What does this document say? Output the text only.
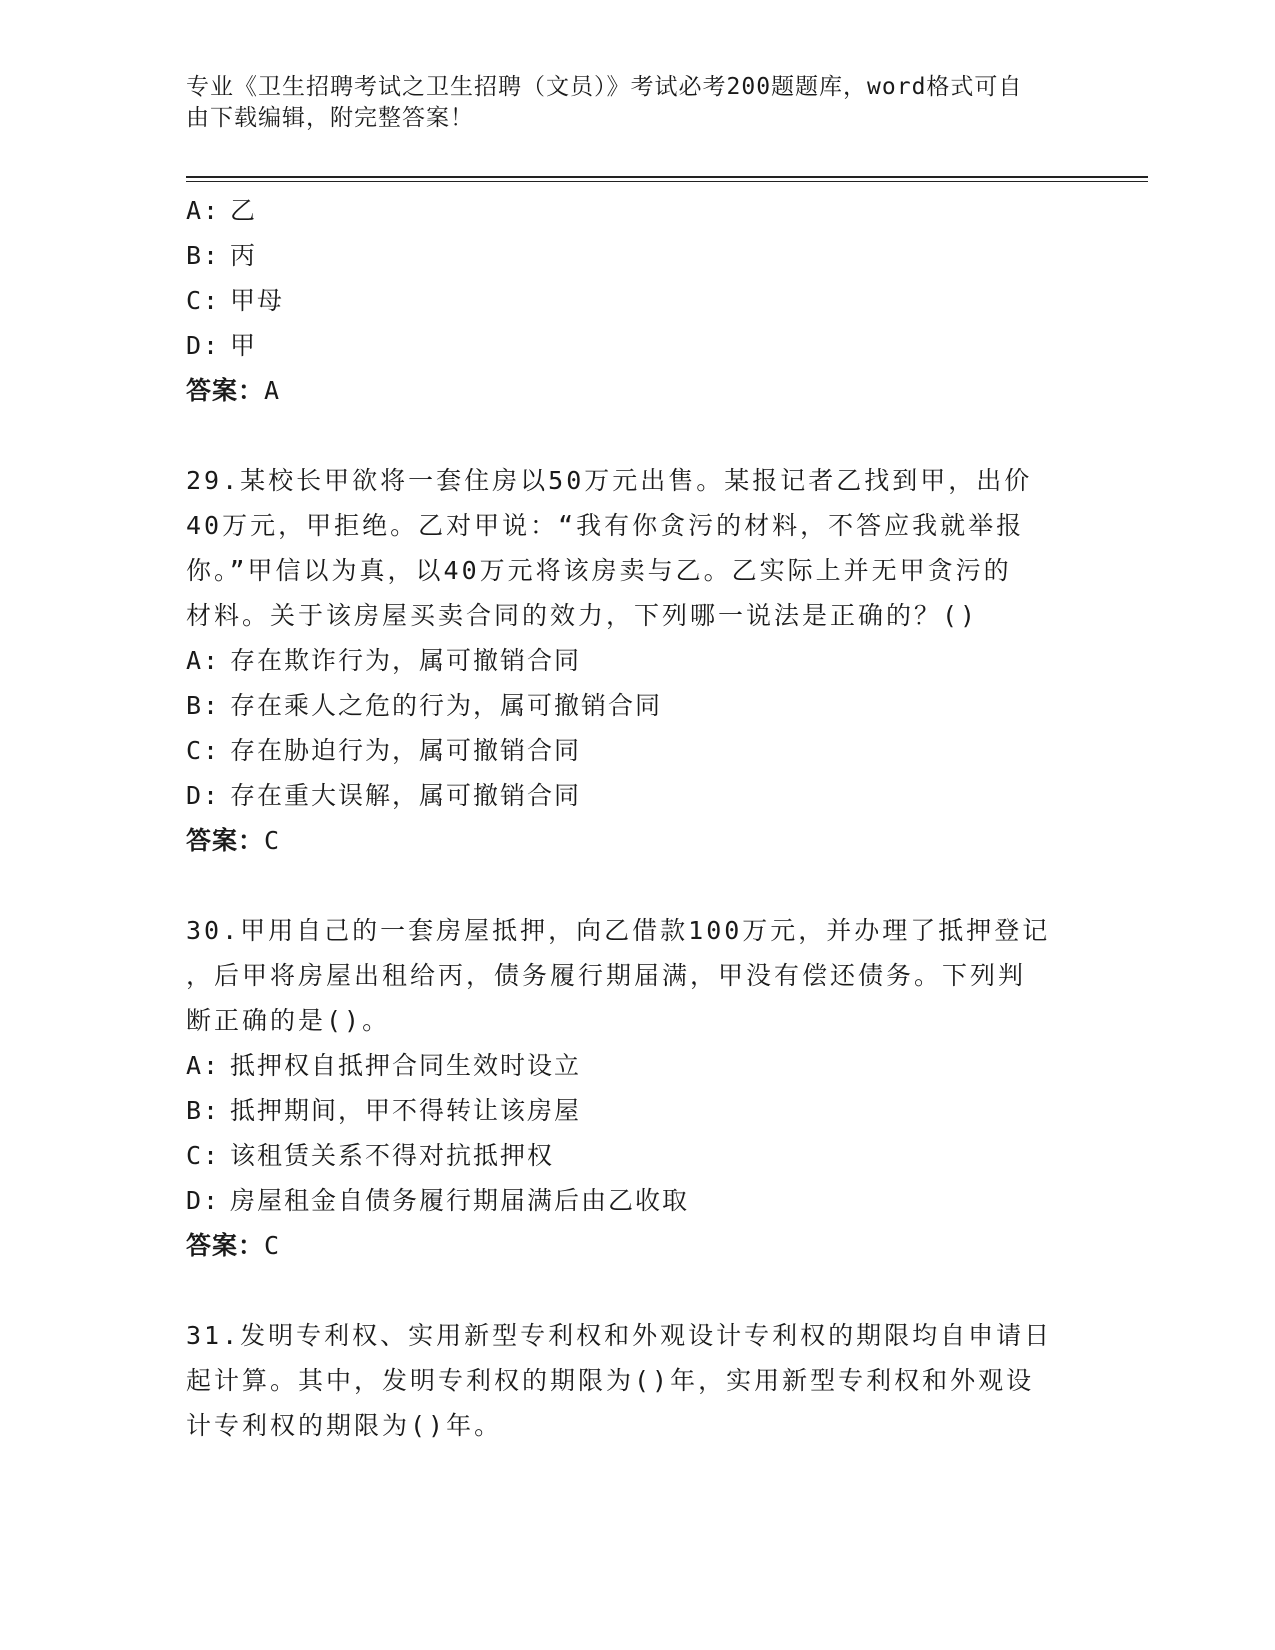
专业《卫生招聘考试之卫生招聘（文员）》考试必考200题题库，word格式可自
由下载编辑，附完整答案！
A: 乙
B: 丙
C: 甲母
D: 甲
答案：A
29.某校长甲欲将一套住房以50万元出售。某报记者乙找到甲，出价
40万元，甲拒绝。乙对甲说：“我有你贪污的材料，不答应我就举报
你。”甲信以为真，以40万元将该房卖与乙。乙实际上并无甲贪污的
材料。关于该房屋买卖合同的效力，下列哪一说法是正确的？()
A: 存在欺诈行为，属可撤销合同
B: 存在乘人之危的行为，属可撤销合同
C: 存在胁迫行为，属可撤销合同
D: 存在重大误解，属可撤销合同
答案：C
30.甲用自己的一套房屋抵押，向乙借款100万元，并办理了抵押登记
，后甲将房屋出租给丙，债务履行期届满，甲没有偿还债务。下列判
断正确的是()。
A: 抵押权自抵押合同生效时设立
B: 抵押期间，甲不得转让该房屋
C: 该租赁关系不得对抗抵押权
D: 房屋租金自债务履行期届满后由乙收取
答案：C
31.发明专利权、实用新型专利权和外观设计专利权的期限均自申请日
起计算。其中，发明专利权的期限为()年，实用新型专利权和外观设
计专利权的期限为()年。
